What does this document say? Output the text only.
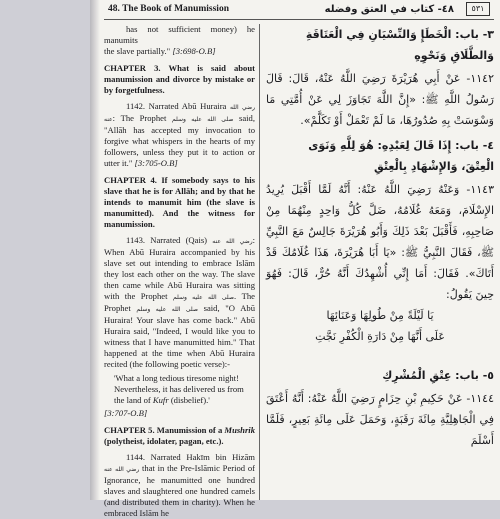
48. The Book of Manumission	٤٨- كتاب في العتق وفضله	٥٣١

has not sufficient money) he manumits

the slave partially." [3:698-O.B]

CHAPTER 3. What is said about manumission and divorce by mistake or by forgetfulness.

1142. Narrated Abū Huraira رضي الله عنه: The Prophet صلى الله عليه وسلم said, "Allāh has accepted my invocation to forgive what whispers in the hearts of my followers, unless they put it to action or utter it." [3:705-O.B]

CHAPTER 4. If somebody says to his slave that he is for Allāh; and by that he intends to manumit him (the slave is manumitted). And the witness for manumission.

1143. Narrated (Qais) رضي الله عنه: When Abū Huraira accompanied by his slave set out intending to embrace Islām they lost each other on the way. The slave then came while Abū Huraira was sitting with the Prophet صلى الله عليه وسلم. The Prophet صلى الله عليه وسلم said, "O Abū Huraira! Your slave has come back." Abū Huraira said, "Indeed, I would like you to witness that I have manumitted him." That happened at the time when Abū Huraira recited (the following poetic verse):-

'What a long tedious tiresome night! Nevertheless, it has delivered us from the land of Kufr (disbelief).'

[3:707-O.B]

CHAPTER 5. Manumission of a Mushrik (polytheist, idolater, pagan, etc.).

1144. Narrated Hakīm bin Hizām رضي الله عنه that in the Pre-Islāmic Period of Ignorance, he manumitted one hundred slaves and slaughtered one hundred camels (and distributed them in charity). When he embraced Islām he

٣- باب: الْخَطَإِ وَالنِّسْيَانِ فِي الْعَتَاقَةِ
وَالطَّلَاقِ وَنَحْوِهِ

١١٤٢- عَنْ أَبِي هُرَيْرَةَ رَضِيَ اللَّهُ عَنْهُ، قَالَ: قَالَ رَسُولُ اللَّهِ ﷺ: «إِنَّ اللَّهَ تَجَاوَزَ لِي عَنْ أُمَّتِي مَا وَسْوَسَتْ بِهِ صُدُورُهَا، مَا لَمْ تَعْمَلْ أَوْ تَكَلَّمْ».

٤- باب: إِذَا قَالَ لِعَبْدِهِ: هُوَ لِلَّهِ وَنَوَى
الْعِتْقَ، وَالإِشْهَادِ بِالْعِتْقِ

١١٤٣- وَعَنْهُ رَضِيَ اللَّهُ عَنْهُ: أَنَّهُ لَمَّا أَقْبَلَ يُرِيدُ الإِسْلَامَ، وَمَعَهُ غُلَامُهُ، ضَلَّ كُلُّ وَاحِدٍ مِنْهُمَا مِنْ صَاحِبِهِ، فَأَقْبَلَ بَعْدَ ذَلِكَ وَأَبُو هُرَيْرَةَ جَالِسٌ مَعَ النَّبِيِّ ﷺ، فَقَالَ النَّبِيُّ ﷺ: «يَا أَبَا هُرَيْرَةَ، هَذَا غُلَامُكَ قَدْ أَتَاكَ». فَقَالَ: أَمَا إِنِّي أُشْهِدُكَ أَنَّهُ حُرٌّ، قَالَ: فَهُوَ حِينَ يَقُولُ:

يَا لَيْلَةً مِنْ طُولِهَا وَعَنَائِهَا
عَلَى أَنَّهَا مِنْ دَارَةِ الْكُفْرِ نَجَّتِ

٥- باب: عِتْقِ الْمُشْرِكِ

١١٤٤- عَنْ حَكِيمِ بْنِ حِزَامٍ رَضِيَ اللَّهُ عَنْهُ: أَنَّهُ أَعْتَقَ فِي الْجَاهِلِيَّةِ مِائَةَ رَقَبَةٍ، وَحَمَلَ عَلَى مِائَةِ بَعِيرٍ، فَلَمَّا أَسْلَمَ
